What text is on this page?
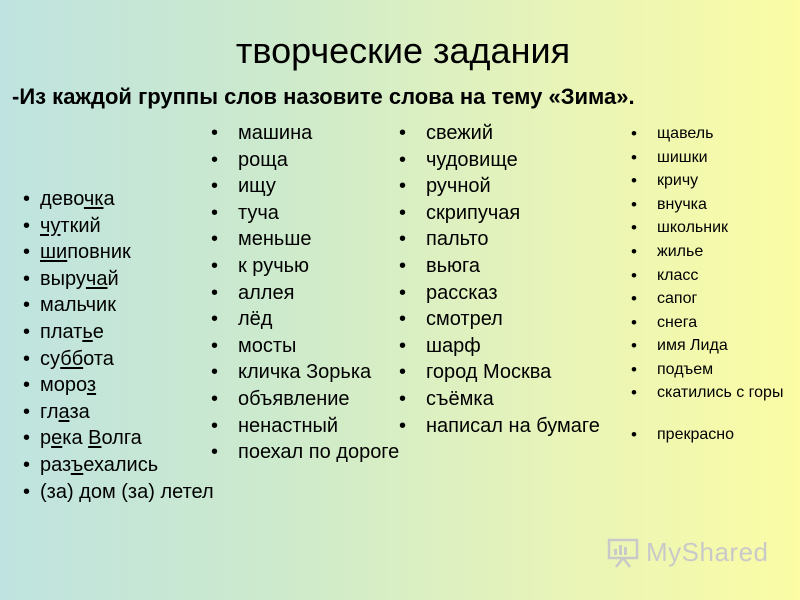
творческие задания
-Из каждой группы слов назовите слова на тему «Зима».
• девочка
• чуткий
• шиповник
• выручай
• мальчик
• платье
• суббота
• мороз
• глаза
• река Волга
• разъехались
• (за) дом (за) летел
• машина
• роща
• ищу
• туча
• меньше
• к ручью
• аллея
• лёд
• мосты
• кличка Зорька
• объявление
• ненастный
• поехал по дороге
• свежий
• чудовище
• ручной
• скрипучая
• пальто
• вьюга
• рассказ
• смотрел
• шарф
• город Москва
• съёмка
• написал на бумаге
• щавель
• шишки
• кричу
• внучка
• школьник
• жилье
• класс
• сапог
• снега
• имя Лида
• подъем
• скатились с горы
• прекрасно
MyShared
